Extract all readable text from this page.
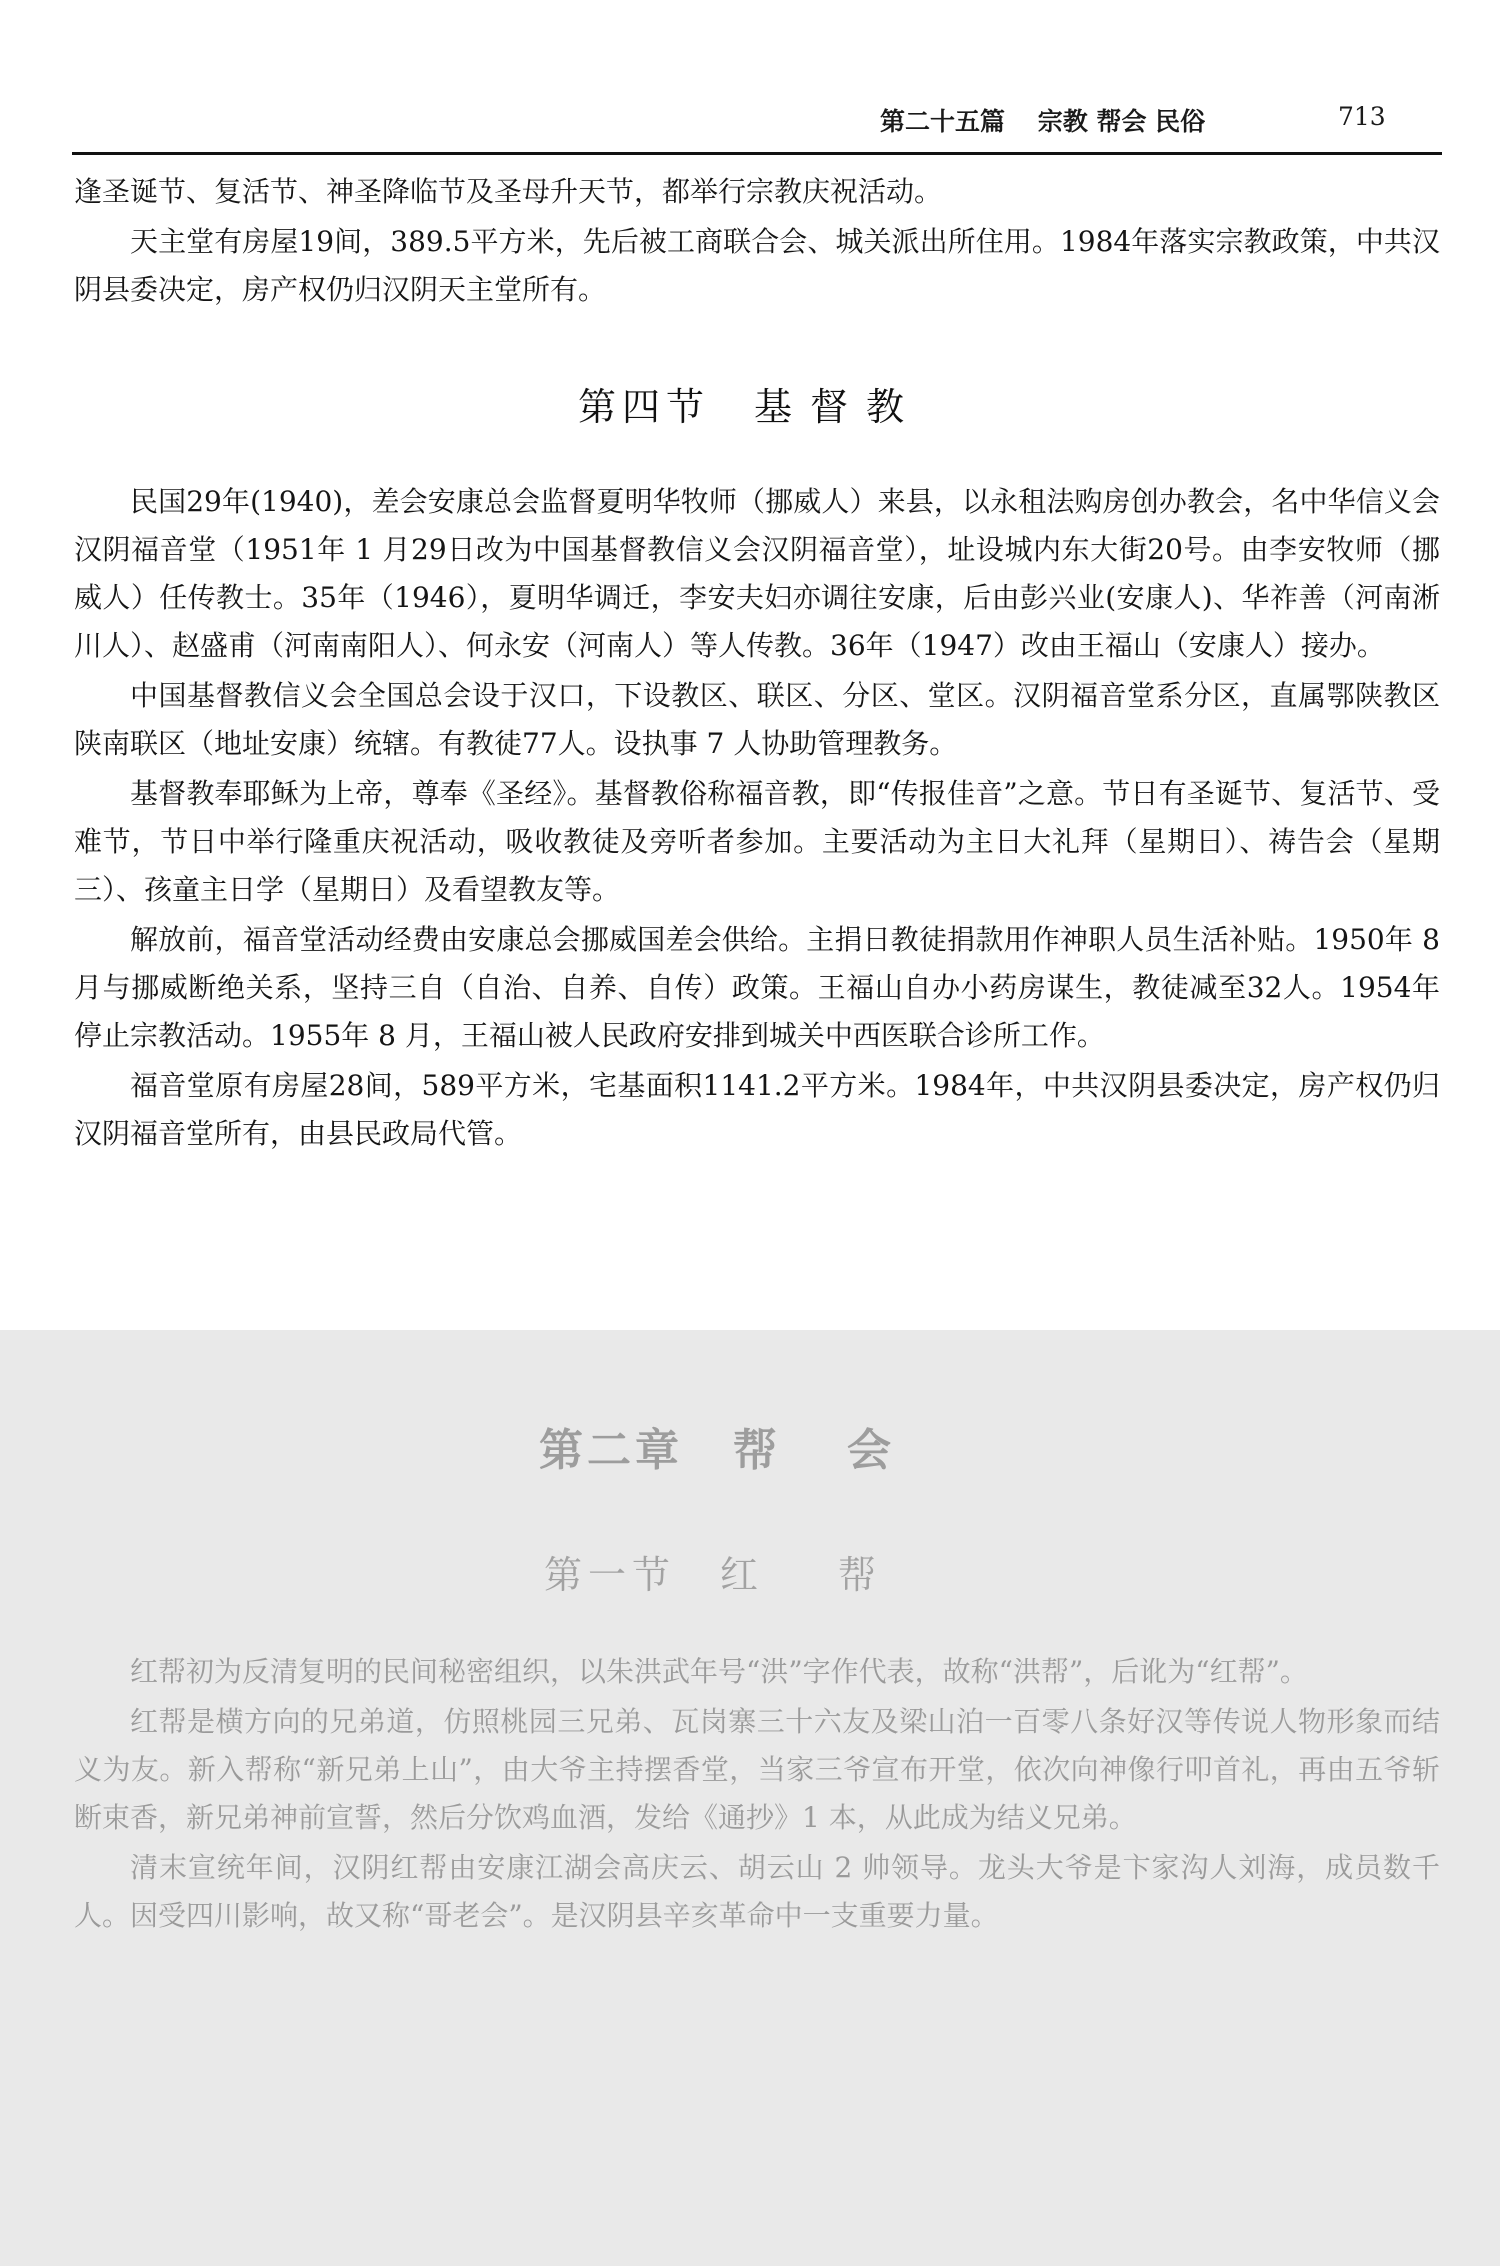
第二十五篇 宗教 帮会 民俗	713

逢圣诞节、复活节、神圣降临节及圣母升天节，都举行宗教庆祝活动。

天主堂有房屋19间，389.5平方米，先后被工商联合会、城关派出所住用。1984年落实宗教政策，中共汉阴县委决定，房产权仍归汉阴天主堂所有。

第四节 基督教

民国29年(1940)，差会安康总会监督夏明华牧师（挪威人）来县，以永租法购房创办教会，名中华信义会汉阴福音堂（1951年 1 月29日改为中国基督教信义会汉阴福音堂），址设城内东大街20号。由李安牧师（挪威人）任传教士。35年（1946），夏明华调迁，李安夫妇亦调往安康，后由彭兴业(安康人)、华祚善（河南淅川人）、赵盛甫（河南南阳人）、何永安（河南人）等人传教。36年（1947）改由王福山（安康人）接办。

中国基督教信义会全国总会设于汉口，下设教区、联区、分区、堂区。汉阴福音堂系分区，直属鄂陕教区陕南联区（地址安康）统辖。有教徒77人。设执事 7 人协助管理教务。

基督教奉耶稣为上帝，尊奉《圣经》。基督教俗称福音教，即“传报佳音”之意。节日有圣诞节、复活节、受难节，节日中举行隆重庆祝活动，吸收教徒及旁听者参加。主要活动为主日大礼拜（星期日）、祷告会（星期三）、孩童主日学（星期日）及看望教友等。

解放前，福音堂活动经费由安康总会挪威国差会供给。主捐日教徒捐款用作神职人员生活补贴。1950年 8 月与挪威断绝关系，坚持三自（自治、自养、自传）政策。王福山自办小药房谋生，教徒减至32人。1954年停止宗教活动。1955年 8 月，王福山被人民政府安排到城关中西医联合诊所工作。

福音堂原有房屋28间，589平方米，宅基面积1141.2平方米。1984年，中共汉阴县委决定，房产权仍归汉阴福音堂所有，由县民政局代管。

第二章 帮会
第一节 红帮

红帮初为反清复明的民间秘密组织，以朱洪武年号“洪”字作代表，故称“洪帮”，后讹为“红帮”。

红帮是横方向的兄弟道，仿照桃园三兄弟、瓦岗寨三十六友及梁山泊一百零八条好汉等传说人物形象而结义为友。新入帮称“新兄弟上山”，由大爷主持摆香堂，当家三爷宣布开堂，依次向神像行叩首礼，再由五爷斩断束香，新兄弟神前宣誓，然后分饮鸡血酒，发给《通抄》1 本，从此成为结义兄弟。

清末宣统年间，汉阴红帮由安康江湖会高庆云、胡云山 2 帅领导。龙头大爷是卞家沟人刘海，成员数千人。因受四川影响，故又称“哥老会”。是汉阴县辛亥革命中一支重要力量。
